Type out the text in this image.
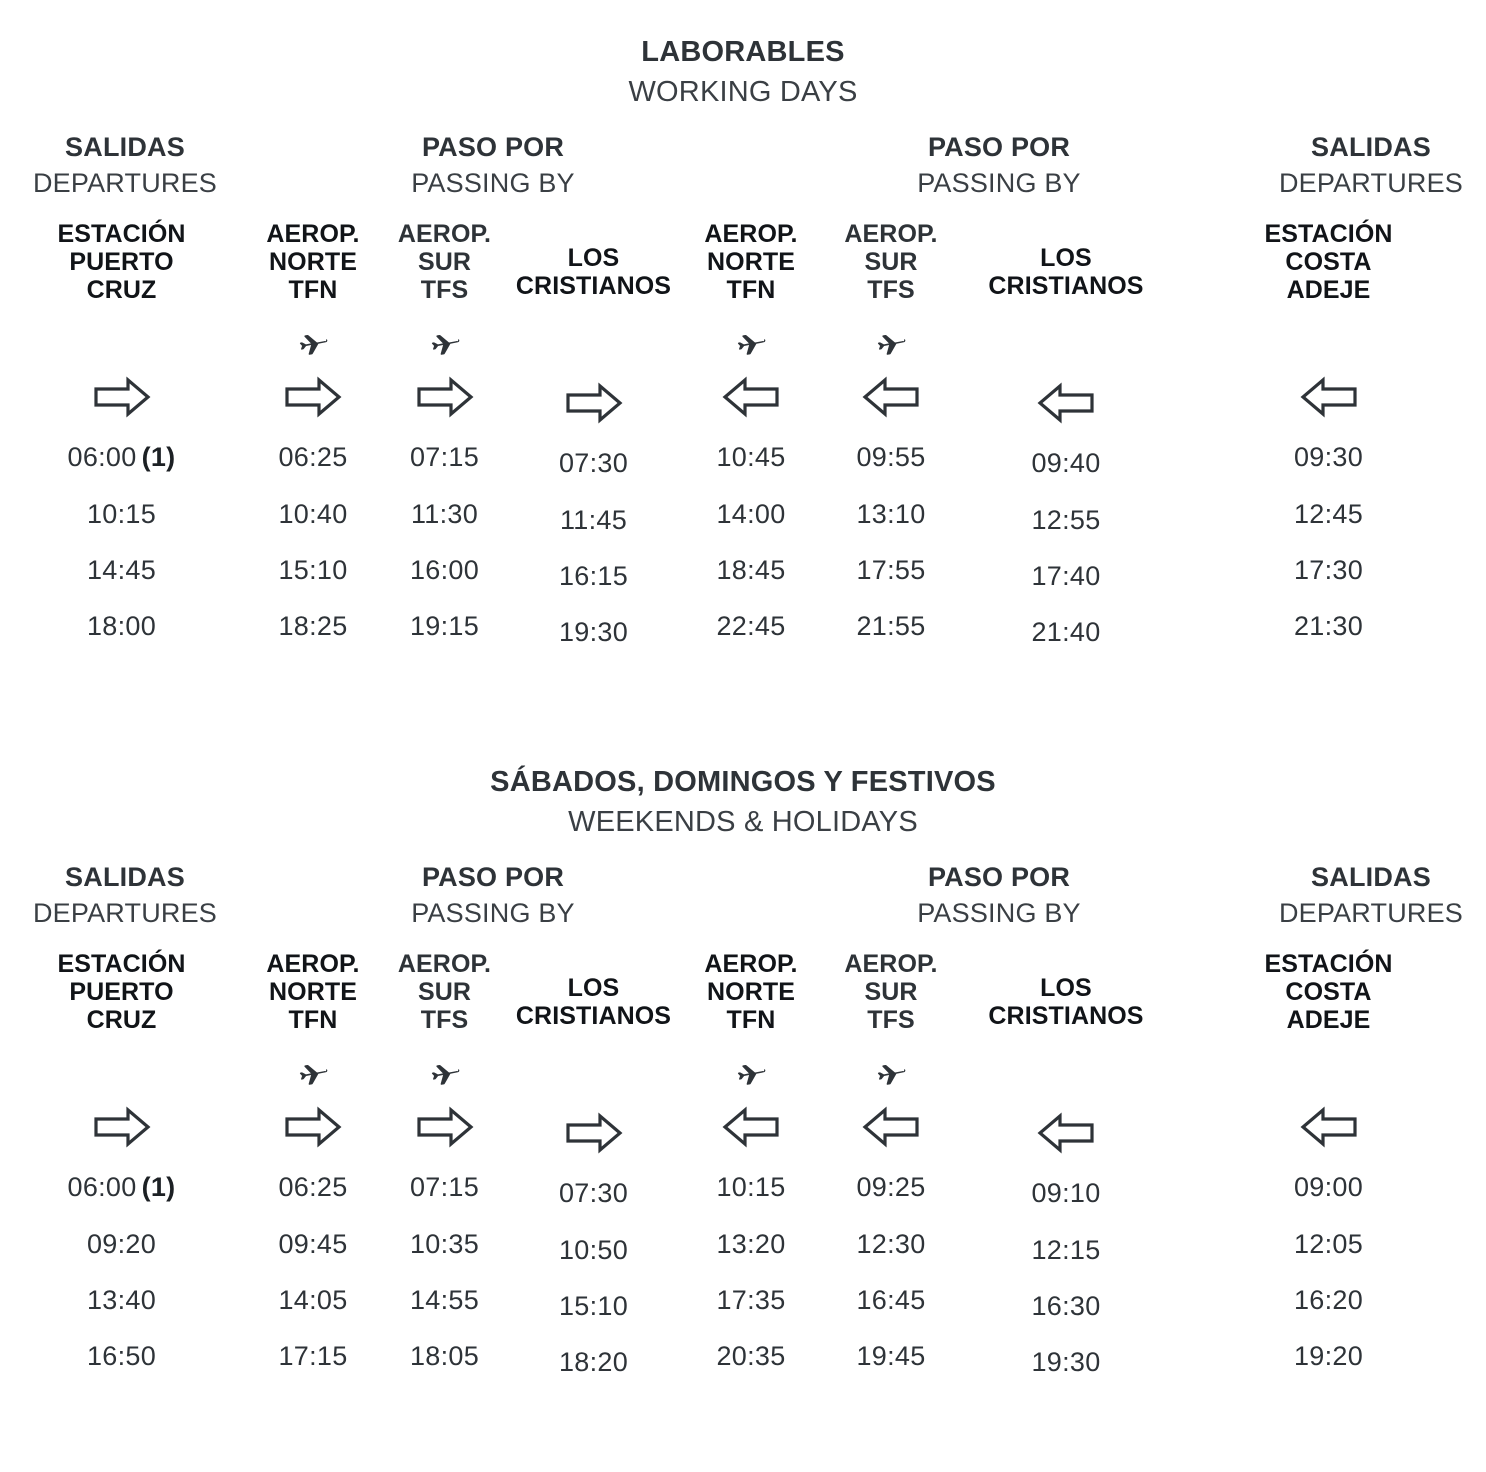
LABORABLES
WORKING DAYS
SALIDAS
DEPARTURES
PASO POR
PASSING BY
PASO POR
PASSING BY
SALIDAS
DEPARTURES
ESTACIÓN
PUERTO
CRUZ
06:00 (1)
10:15
14:45
18:00
AEROP.
NORTE
TFN
06:25
10:40
15:10
18:25
AEROP.
SUR
TFS
07:15
11:30
16:00
19:15
LOS
CRISTIANOS
07:30
11:45
16:15
19:30
AEROP.
NORTE
TFN
10:45
14:00
18:45
22:45
AEROP.
SUR
TFS
09:55
13:10
17:55
21:55
LOS
CRISTIANOS
09:40
12:55
17:40
21:40
ESTACIÓN
COSTA
ADEJE
09:30
12:45
17:30
21:30
SÁBADOS, DOMINGOS Y FESTIVOS
WEEKENDS & HOLIDAYS
SALIDAS
DEPARTURES
PASO POR
PASSING BY
PASO POR
PASSING BY
SALIDAS
DEPARTURES
ESTACIÓN
PUERTO
CRUZ
06:00 (1)
09:20
13:40
16:50
AEROP.
NORTE
TFN
06:25
09:45
14:05
17:15
AEROP.
SUR
TFS
07:15
10:35
14:55
18:05
LOS
CRISTIANOS
07:30
10:50
15:10
18:20
AEROP.
NORTE
TFN
10:15
13:20
17:35
20:35
AEROP.
SUR
TFS
09:25
12:30
16:45
19:45
LOS
CRISTIANOS
09:10
12:15
16:30
19:30
ESTACIÓN
COSTA
ADEJE
09:00
12:05
16:20
19:20
